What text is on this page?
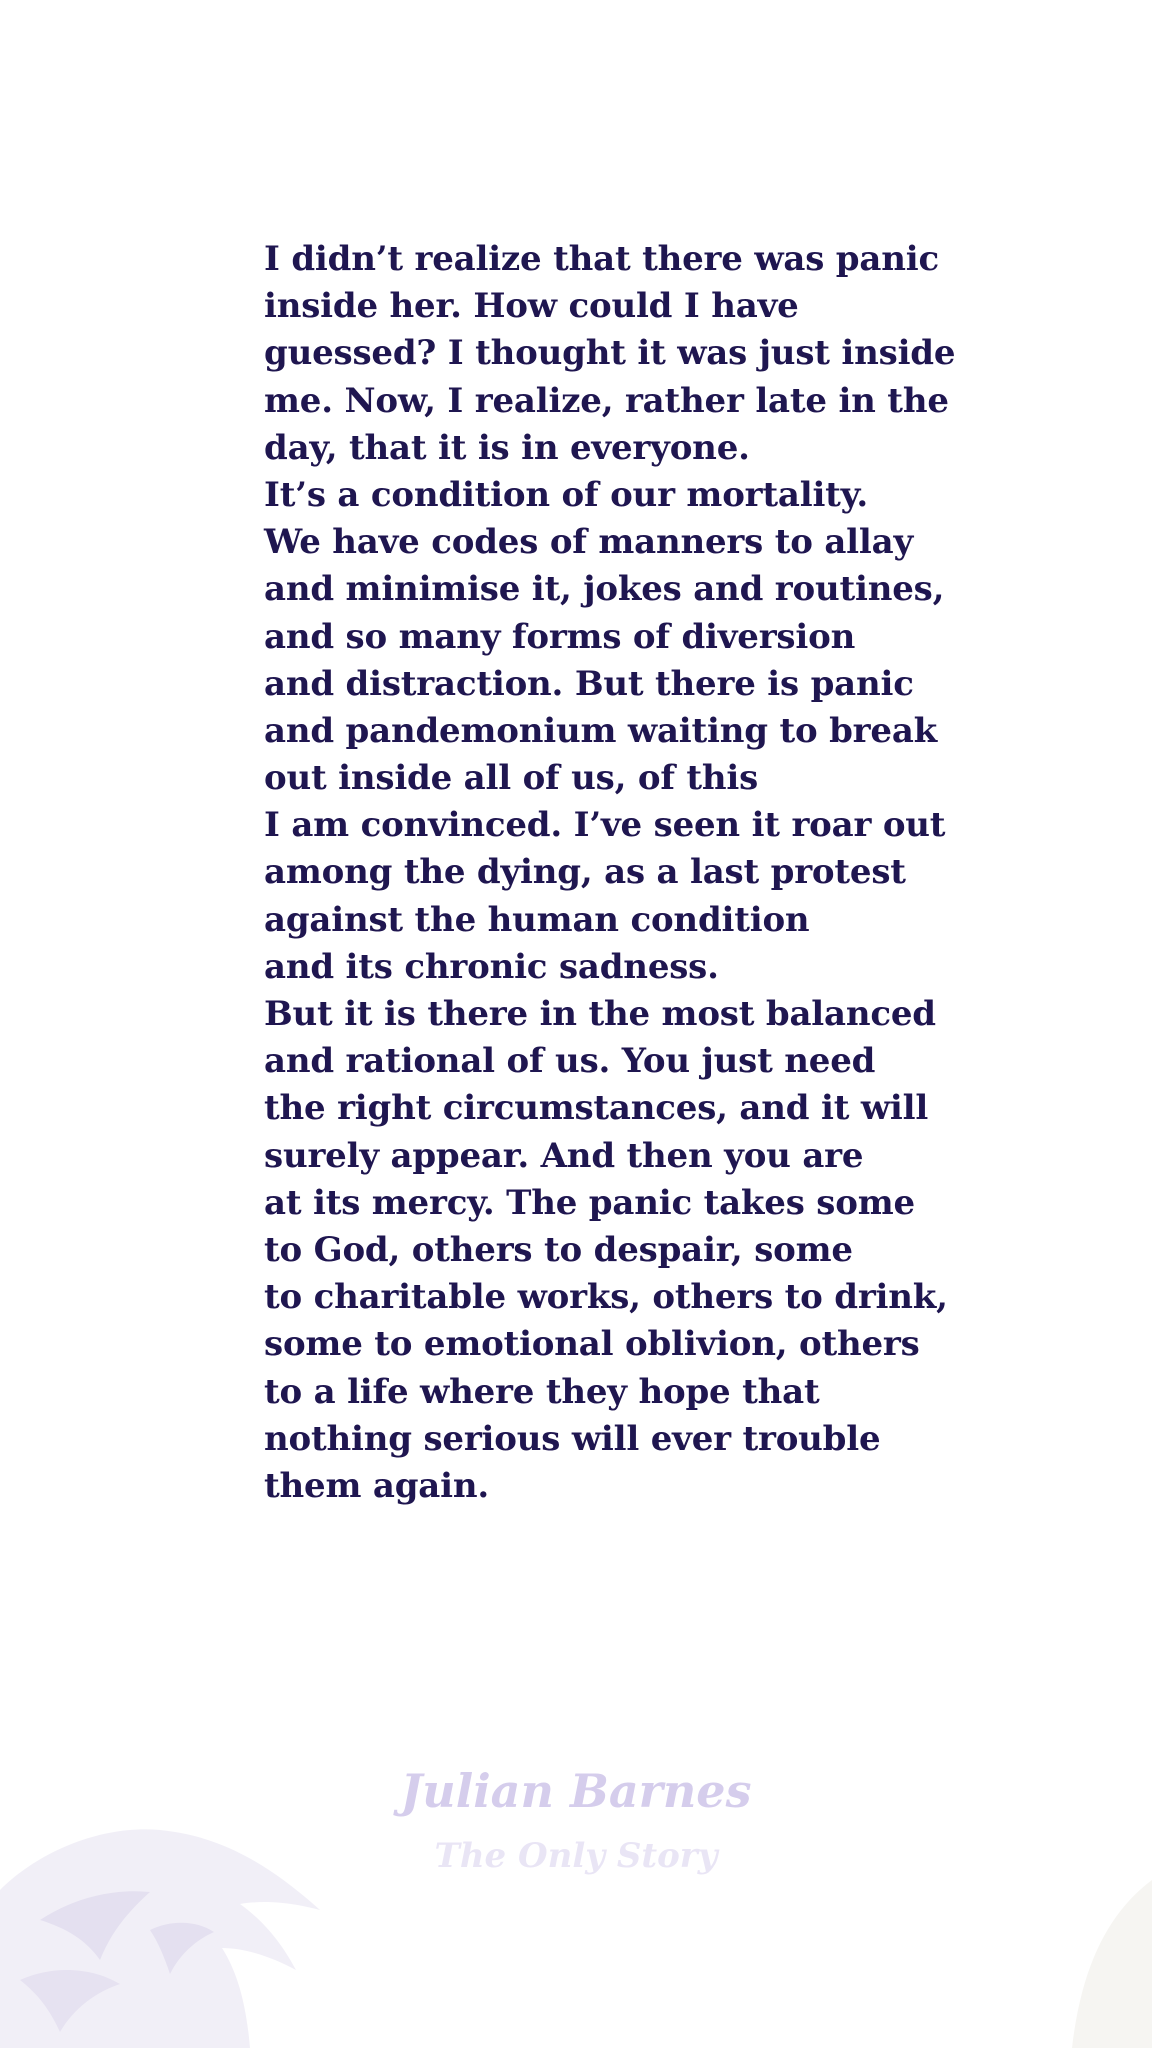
I didn’t realize that there was panic
inside her. How could I have
guessed? I thought it was just inside
me. Now, I realize, rather late in the
day, that it is in everyone.
It’s a condition of our mortality.
We have codes of manners to allay
and minimise it, jokes and routines,
and so many forms of diversion
and distraction. But there is panic
and pandemonium waiting to break
out inside all of us, of this
I am convinced. I’ve seen it roar out
among the dying, as a last protest
against the human condition
and its chronic sadness.
But it is there in the most balanced
and rational of us. You just need
the right circumstances, and it will
surely appear. And then you are
at its mercy. The panic takes some
to God, others to despair, some
to charitable works, others to drink,
some to emotional oblivion, others
to a life where they hope that
nothing serious will ever trouble
them again.
Julian Barnes
The Only Story
